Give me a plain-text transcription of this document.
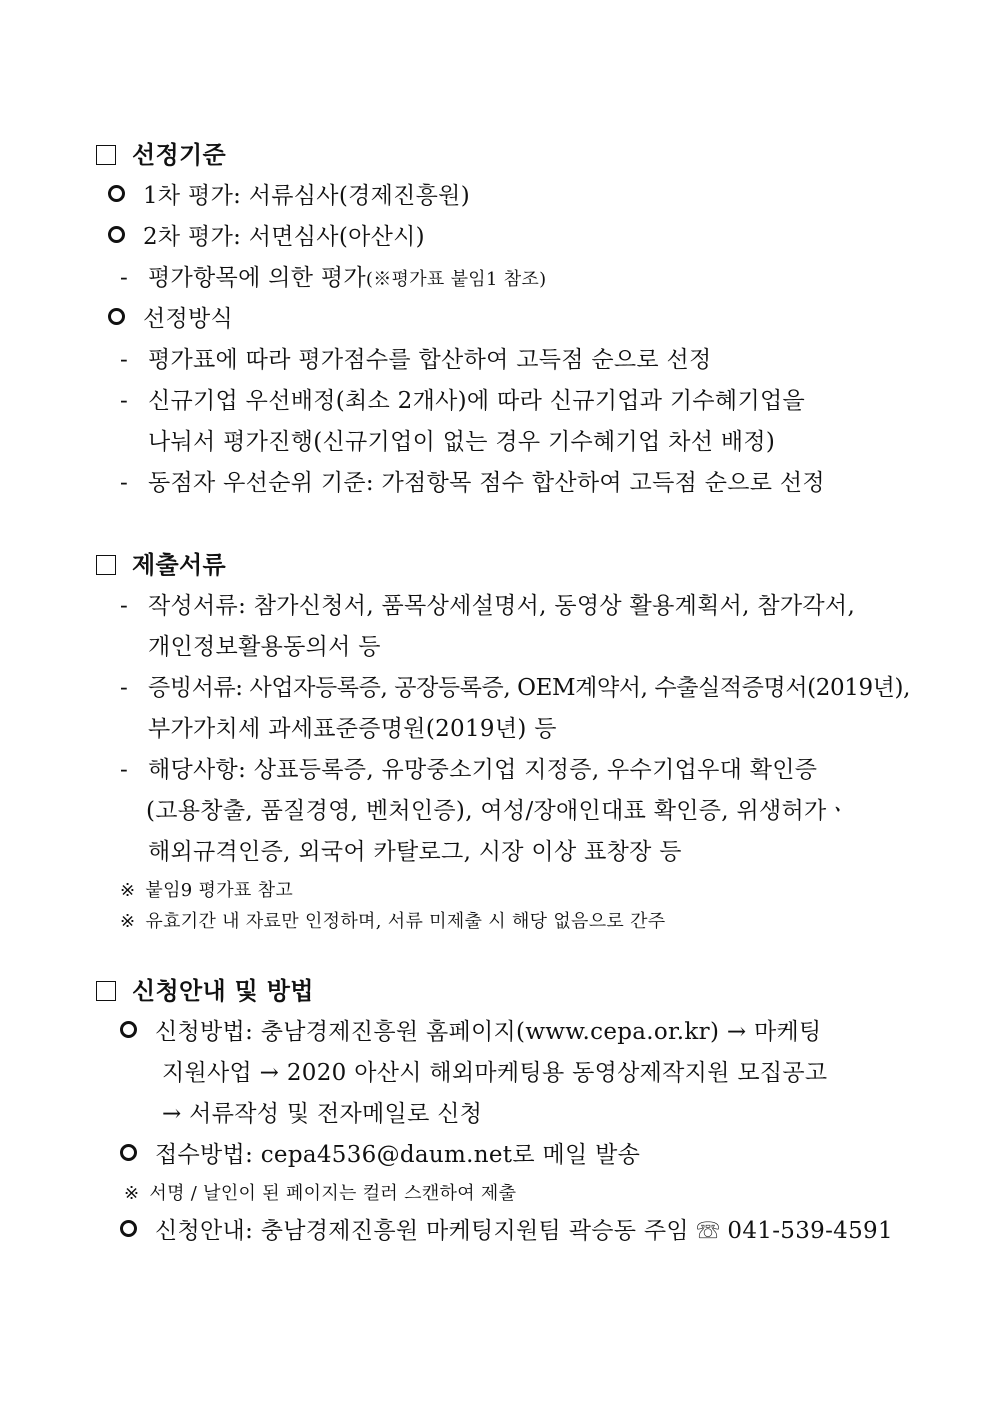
선정기준
1차 평가: 서류심사(경제진흥원)
2차 평가: 서면심사(아산시)
- 평가항목에 의한 평가(※평가표 붙임1 참조)
선정방식
- 평가표에 따라 평가점수를 합산하여 고득점 순으로 선정
- 신규기업 우선배정(최소 2개사)에 따라 신규기업과 기수혜기업을
나눠서 평가진행(신규기업이 없는 경우 기수혜기업 차선 배정)
- 동점자 우선순위 기준: 가점항목 점수 합산하여 고득점 순으로 선정
제출서류
- 작성서류: 참가신청서, 품목상세설명서, 동영상 활용계획서, 참가각서,
개인정보활용동의서 등
- 증빙서류: 사업자등록증, 공장등록증, OEM계약서, 수출실적증명서(2019년),
부가가치세 과세표준증명원(2019년) 등
- 해당사항: 상표등록증, 유망중소기업 지정증, 우수기업우대 확인증
(고용창출, 품질경영, 벤처인증), 여성/장애인대표 확인증, 위생허가ㆍ
해외규격인증, 외국어 카탈로그, 시장 이상 표창장 등
※ 붙임9 평가표 참고
※ 유효기간 내 자료만 인정하며, 서류 미제출 시 해당 없음으로 간주
신청안내 및 방법
신청방법: 충남경제진흥원 홈페이지(www.cepa.or.kr) → 마케팅
지원사업 → 2020 아산시 해외마케팅용 동영상제작지원 모집공고
→ 서류작성 및 전자메일로 신청
접수방법: cepa4536@daum.net로 메일 발송
※ 서명 / 날인이 된 페이지는 컬러 스캔하여 제출
신청안내: 충남경제진흥원 마케팅지원팀 곽승동 주임 ☏ 041-539-4591
